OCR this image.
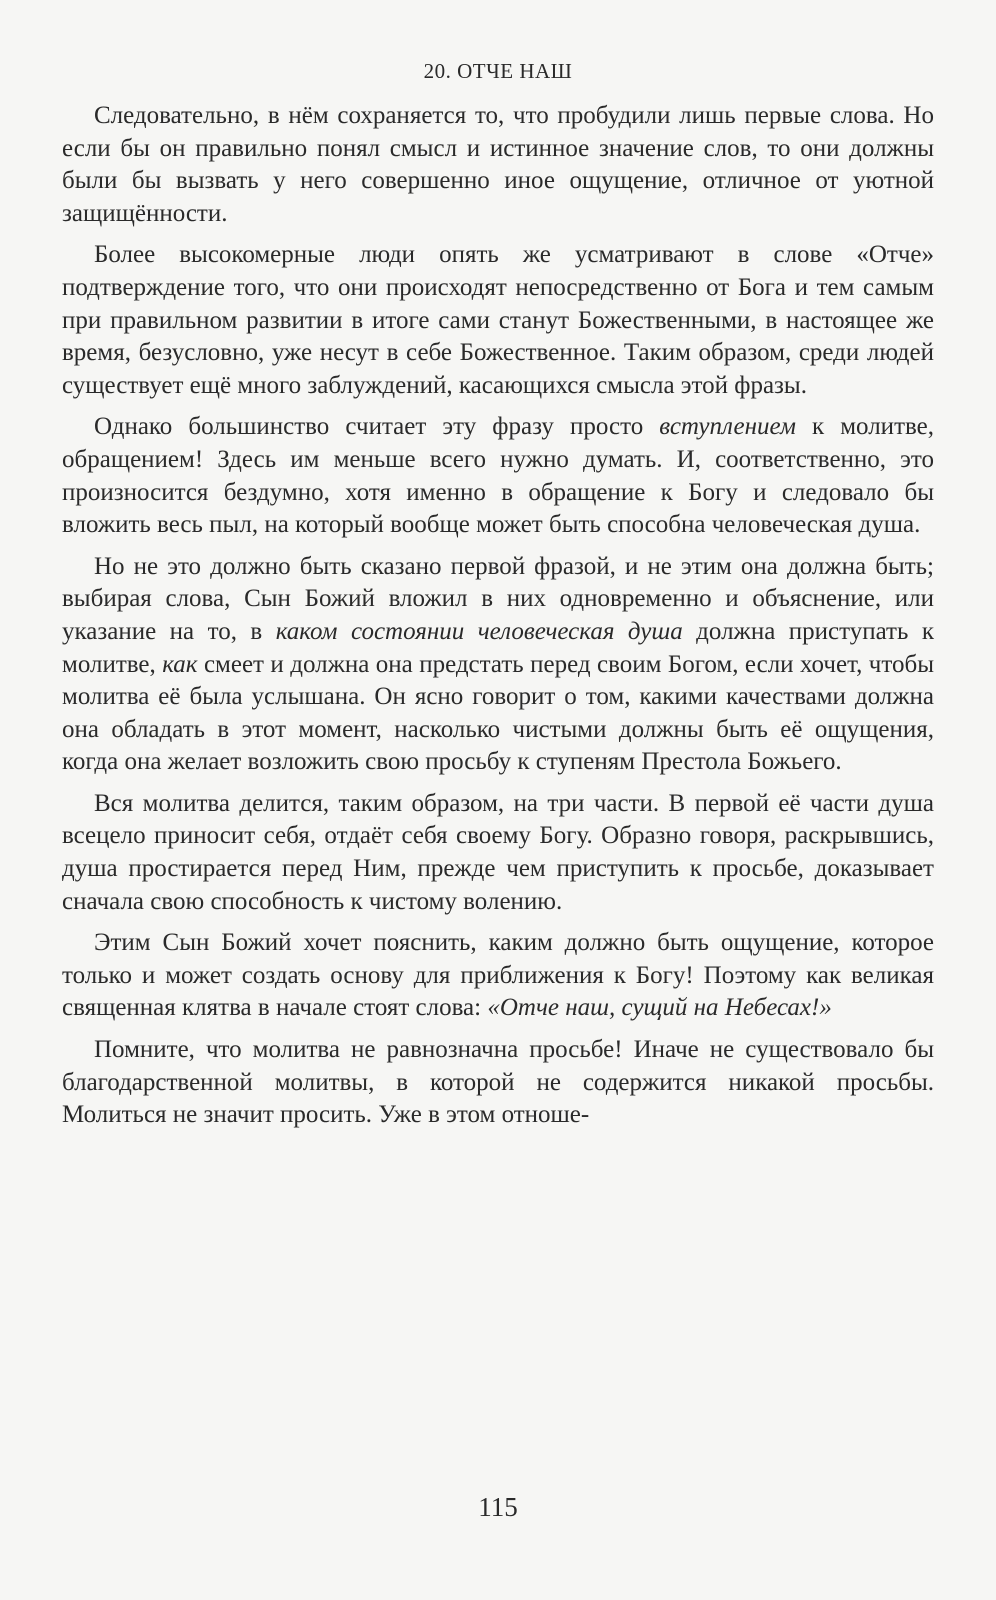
20. ОТЧЕ НАШ

Следовательно, в нём сохраняется то, что пробудили лишь первые слова. Но если бы он правильно понял смысл и истинное значение слов, то они должны были бы вызвать у него совершенно иное ощущение, отличное от уютной защищённости.

Более высокомерные люди опять же усматривают в слове «Отче» подтверждение того, что они происходят непосредственно от Бога и тем самым при правильном развитии в итоге сами станут Божественными, в настоящее же время, безусловно, уже несут в себе Божественное. Таким образом, среди людей существует ещё много заблуждений, касающихся смысла этой фразы.

Однако большинство считает эту фразу просто вступлением к молитве, обращением! Здесь им меньше всего нужно думать. И, соответственно, это произносится бездумно, хотя именно в обращение к Богу и следовало бы вложить весь пыл, на который вообще может быть способна человеческая душа.

Но не это должно быть сказано первой фразой, и не этим она должна быть; выбирая слова, Сын Божий вложил в них одновременно и объяснение, или указание на то, в каком состоянии человеческая душа должна приступать к молитве, как смеет и должна она предстать перед своим Богом, если хочет, чтобы молитва её была услышана. Он ясно говорит о том, какими качествами должна она обладать в этот момент, насколько чистыми должны быть её ощущения, когда она желает возложить свою просьбу к ступеням Престола Божьего.

Вся молитва делится, таким образом, на три части. В первой её части душа всецело приносит себя, отдаёт себя своему Богу. Образно говоря, раскрывшись, душа простирается перед Ним, прежде чем приступить к просьбе, доказывает сначала свою способность к чистому волению.

Этим Сын Божий хочет пояснить, каким должно быть ощущение, которое только и может создать основу для приближения к Богу! Поэтому как великая священная клятва в начале стоят слова: «Отче наш, сущий на Небесах!»

Помните, что молитва не равнозначна просьбе! Иначе не существовало бы благодарственной молитвы, в которой не содержится никакой просьбы. Молиться не значит просить. Уже в этом отноше-

115
